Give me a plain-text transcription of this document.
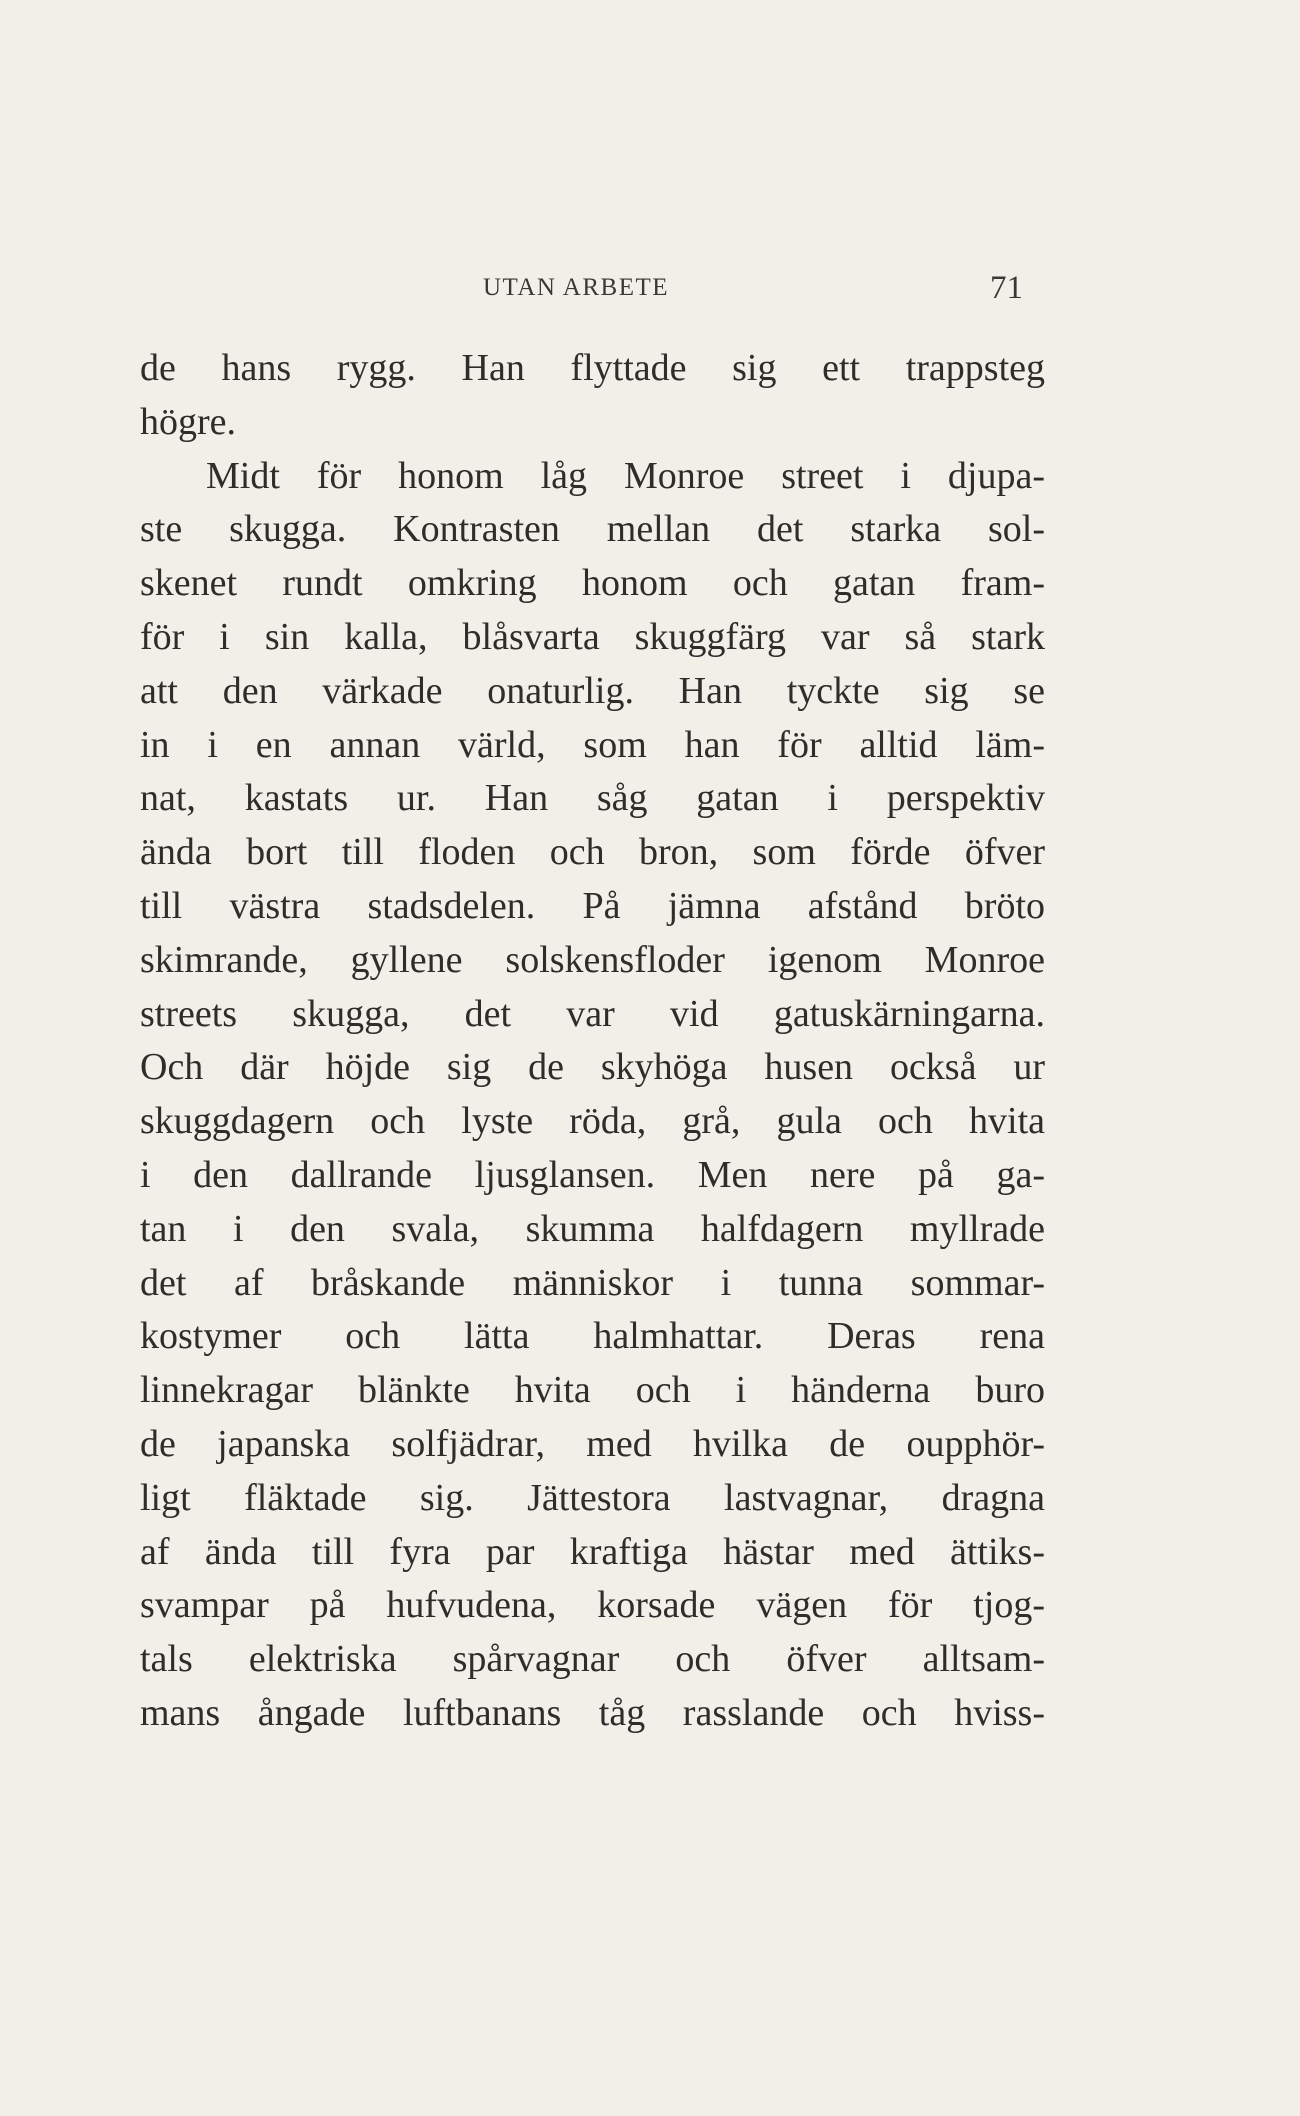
UTAN ARBETE	71
de hans rygg. Han flyttade sig ett trappsteg
högre.
Midt för honom låg Monroe street i djupa-
ste skugga. Kontrasten mellan det starka sol-
skenet rundt omkring honom och gatan fram-
för i sin kalla, blåsvarta skuggfärg var så stark
att den värkade onaturlig. Han tyckte sig se
in i en annan värld, som han för alltid läm-
nat, kastats ur. Han såg gatan i perspektiv
ända bort till floden och bron, som förde öfver
till västra stadsdelen. På jämna afstånd bröto
skimrande, gyllene solskensfloder igenom Monroe
streets skugga, det var vid gatuskärningarna.
Och där höjde sig de skyhöga husen också ur
skuggdagern och lyste röda, grå, gula och hvita
i den dallrande ljusglansen. Men nere på ga-
tan i den svala, skumma halfdagern myllrade
det af bråskande människor i tunna sommar-
kostymer och lätta halmhattar. Deras rena
linnekragar blänkte hvita och i händerna buro
de japanska solfjädrar, med hvilka de oupphör-
ligt fläktade sig. Jättestora lastvagnar, dragna
af ända till fyra par kraftiga hästar med ättiks-
svampar på hufvudena, korsade vägen för tjog-
tals elektriska spårvagnar och öfver alltsam-
mans ångade luftbanans tåg rasslande och hviss-
